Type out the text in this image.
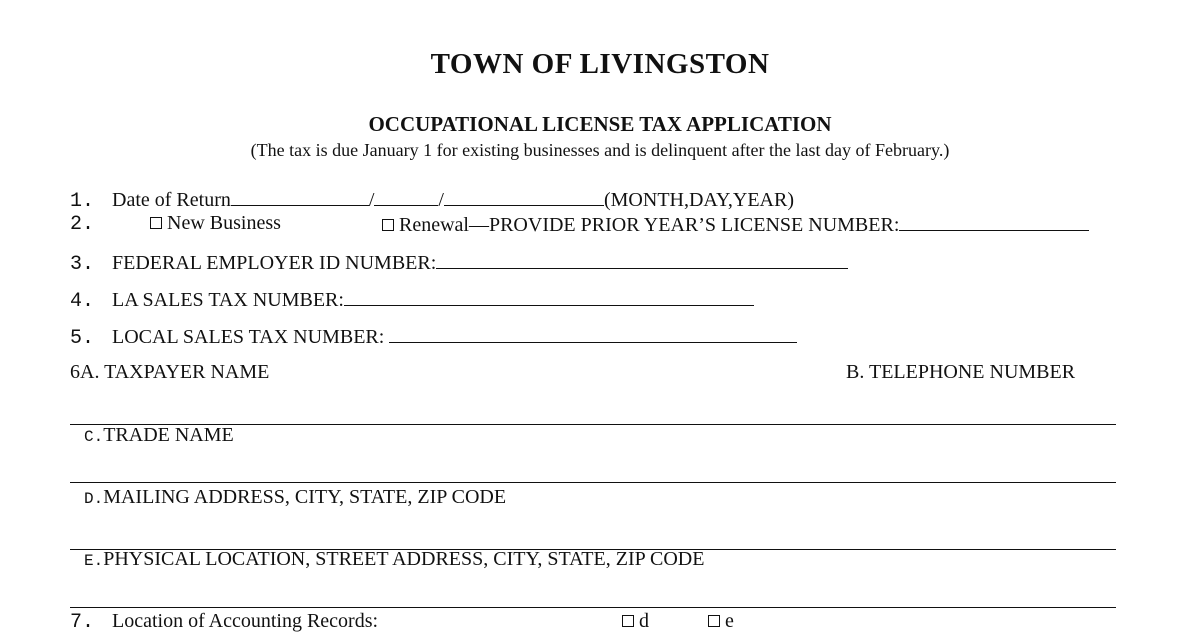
TOWN OF LIVINGSTON
OCCUPATIONAL LICENSE TAX APPLICATION
(The tax is due January 1 for existing businesses and is delinquent after the last day of February.)
1. Date of Return	/	/	(MONTH,DAY,YEAR)
2.	New Business	Renewal—PROVIDE PRIOR YEAR’S LICENSE NUMBER:
3. FEDERAL EMPLOYER ID NUMBER:
4. LA SALES TAX NUMBER:
5. LOCAL SALES TAX NUMBER:
6A. TAXPAYER NAME	B. TELEPHONE NUMBER
C.TRADE NAME
D.MAILING ADDRESS, CITY, STATE, ZIP CODE
E.PHYSICAL LOCATION, STREET ADDRESS, CITY, STATE, ZIP CODE
7. Location of Accounting Records:	d	e
